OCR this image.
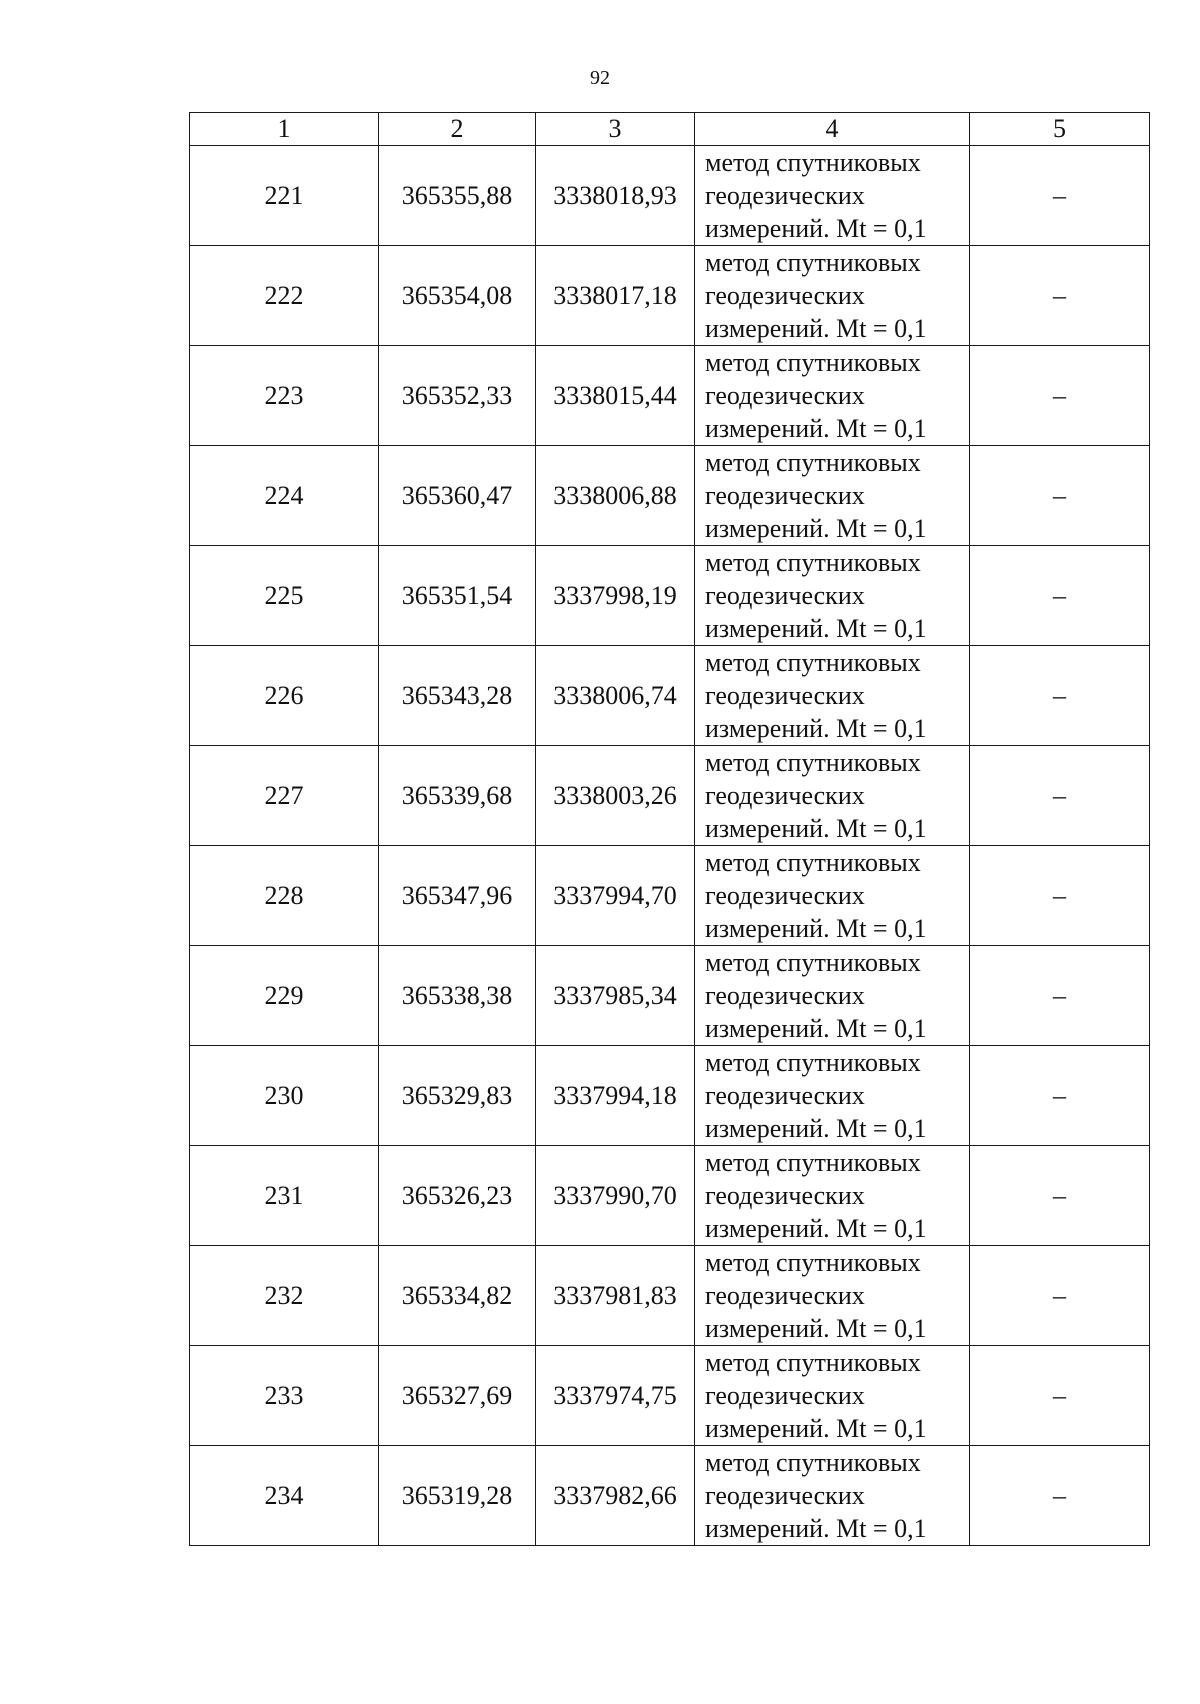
92
1	2	3	4	5
221	365355,88	3338018,93	метод спутниковых
геодезических
измерений. Mt = 0,1	–
222	365354,08	3338017,18	метод спутниковых
геодезических
измерений. Mt = 0,1	–
223	365352,33	3338015,44	метод спутниковых
геодезических
измерений. Mt = 0,1	–
224	365360,47	3338006,88	метод спутниковых
геодезических
измерений. Mt = 0,1	–
225	365351,54	3337998,19	метод спутниковых
геодезических
измерений. Mt = 0,1	–
226	365343,28	3338006,74	метод спутниковых
геодезических
измерений. Mt = 0,1	–
227	365339,68	3338003,26	метод спутниковых
геодезических
измерений. Mt = 0,1	–
228	365347,96	3337994,70	метод спутниковых
геодезических
измерений. Mt = 0,1	–
229	365338,38	3337985,34	метод спутниковых
геодезических
измерений. Mt = 0,1	–
230	365329,83	3337994,18	метод спутниковых
геодезических
измерений. Mt = 0,1	–
231	365326,23	3337990,70	метод спутниковых
геодезических
измерений. Mt = 0,1	–
232	365334,82	3337981,83	метод спутниковых
геодезических
измерений. Mt = 0,1	–
233	365327,69	3337974,75	метод спутниковых
геодезических
измерений. Mt = 0,1	–
234	365319,28	3337982,66	метод спутниковых
геодезических
измерений. Mt = 0,1	–
